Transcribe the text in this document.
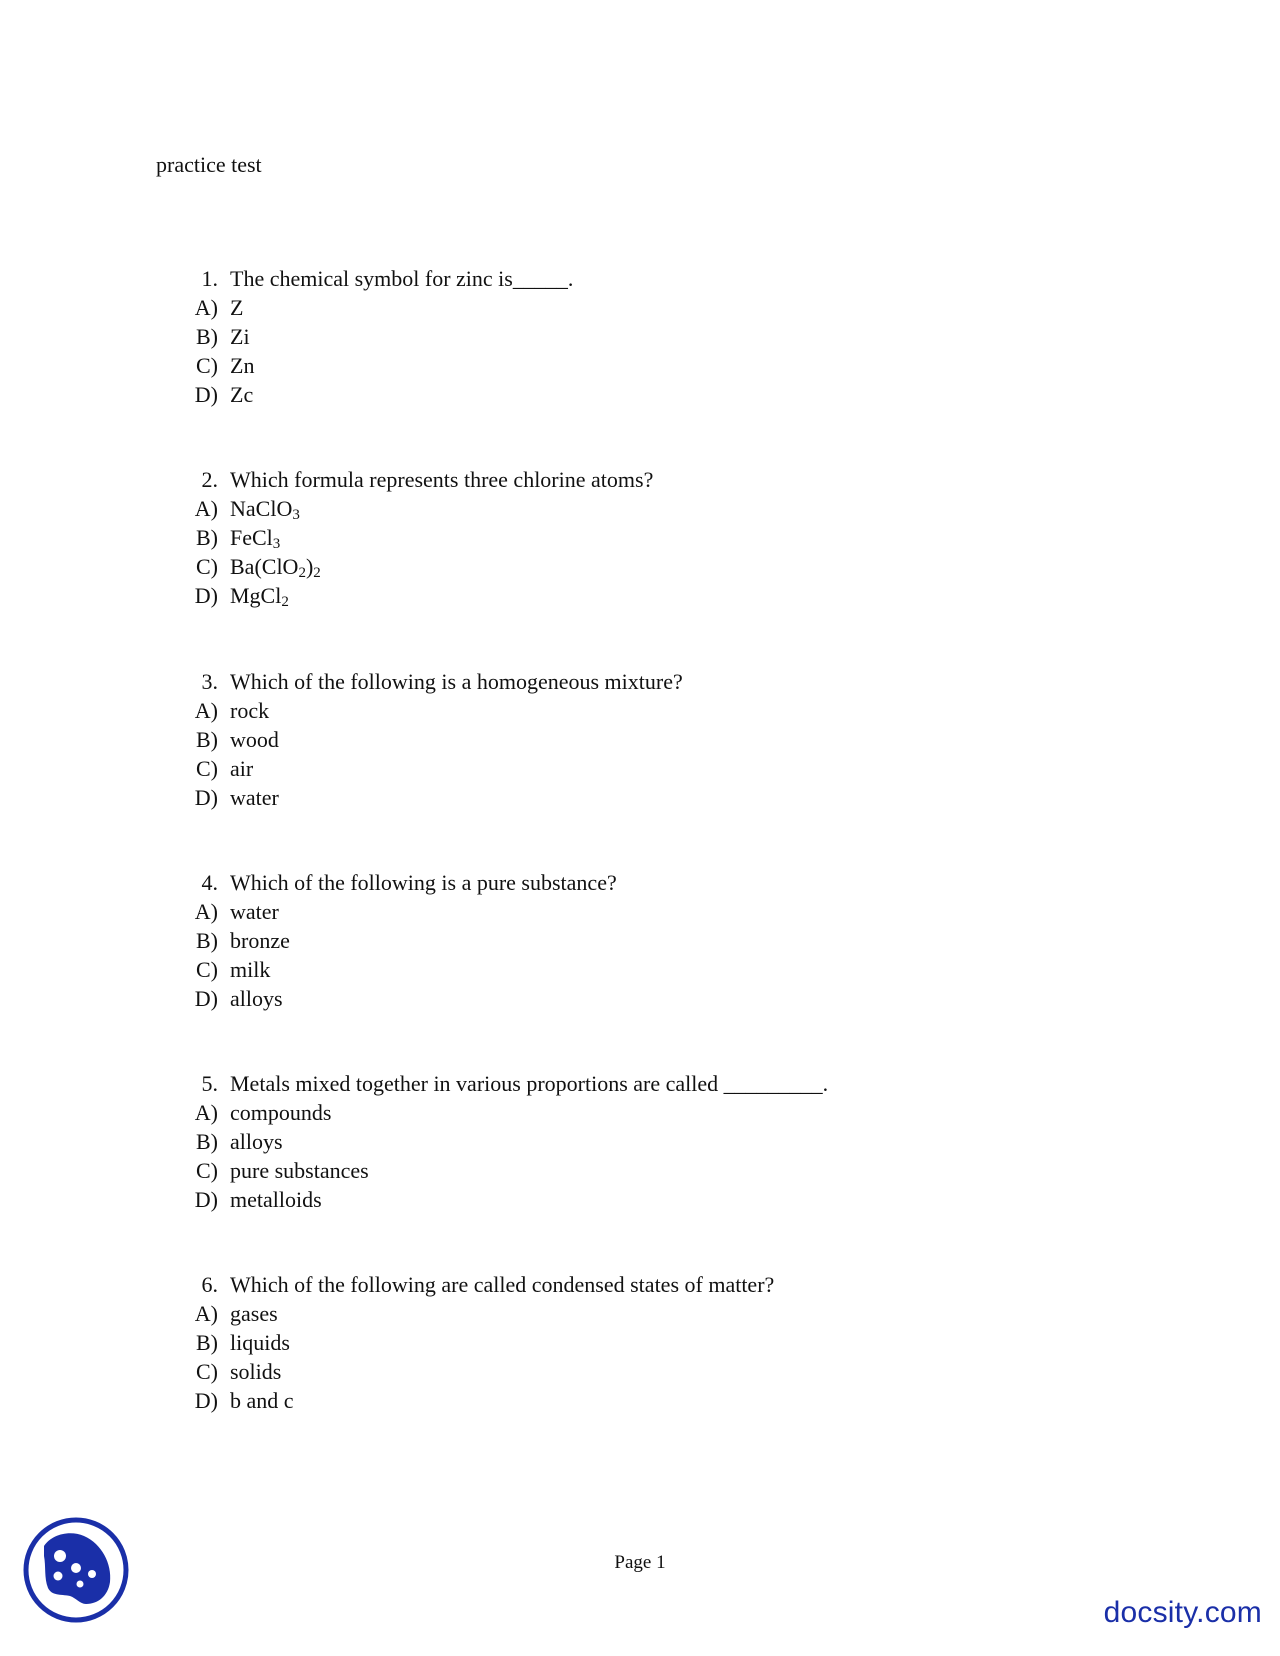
practice test
1. The chemical symbol for zinc is_____.
A) Z
B) Zi
C) Zn
D) Zc
2. Which formula represents three chlorine atoms?
A) NaClO$_3$
B) FeCl$_3$
C) $Ba(ClO_2)_2$
D) MgCl$_2$
3. Which of the following is a homogeneous mixture?
A) rock
B) wood
C) air
D) water
4. Which of the following is a pure substance?
A) water
B) bronze
C) milk
D) alloys
5. Metals mixed together in various proportions are called _________.
A) compounds
B) alloys
C) pure substances
D) metalloids
6. Which of the following are called condensed states of matter?
A) gases
B) liquids
C) solids
D) b and c
Page 1
docsity.com
